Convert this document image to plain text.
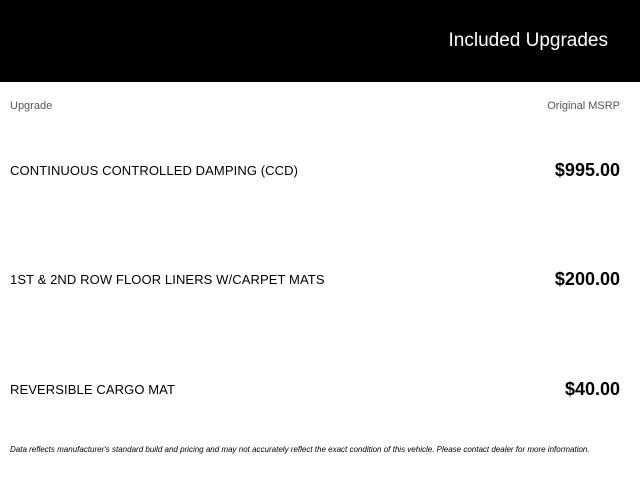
Included Upgrades
Upgrade	Original MSRP
CONTINUOUS CONTROLLED DAMPING (CCD)	$995.00
1ST & 2ND ROW FLOOR LINERS W/CARPET MATS	$200.00
REVERSIBLE CARGO MAT	$40.00

Data reflects manufacturer's standard build and pricing and may not accurately reflect the exact condition of this vehicle. Please contact dealer for more information.
